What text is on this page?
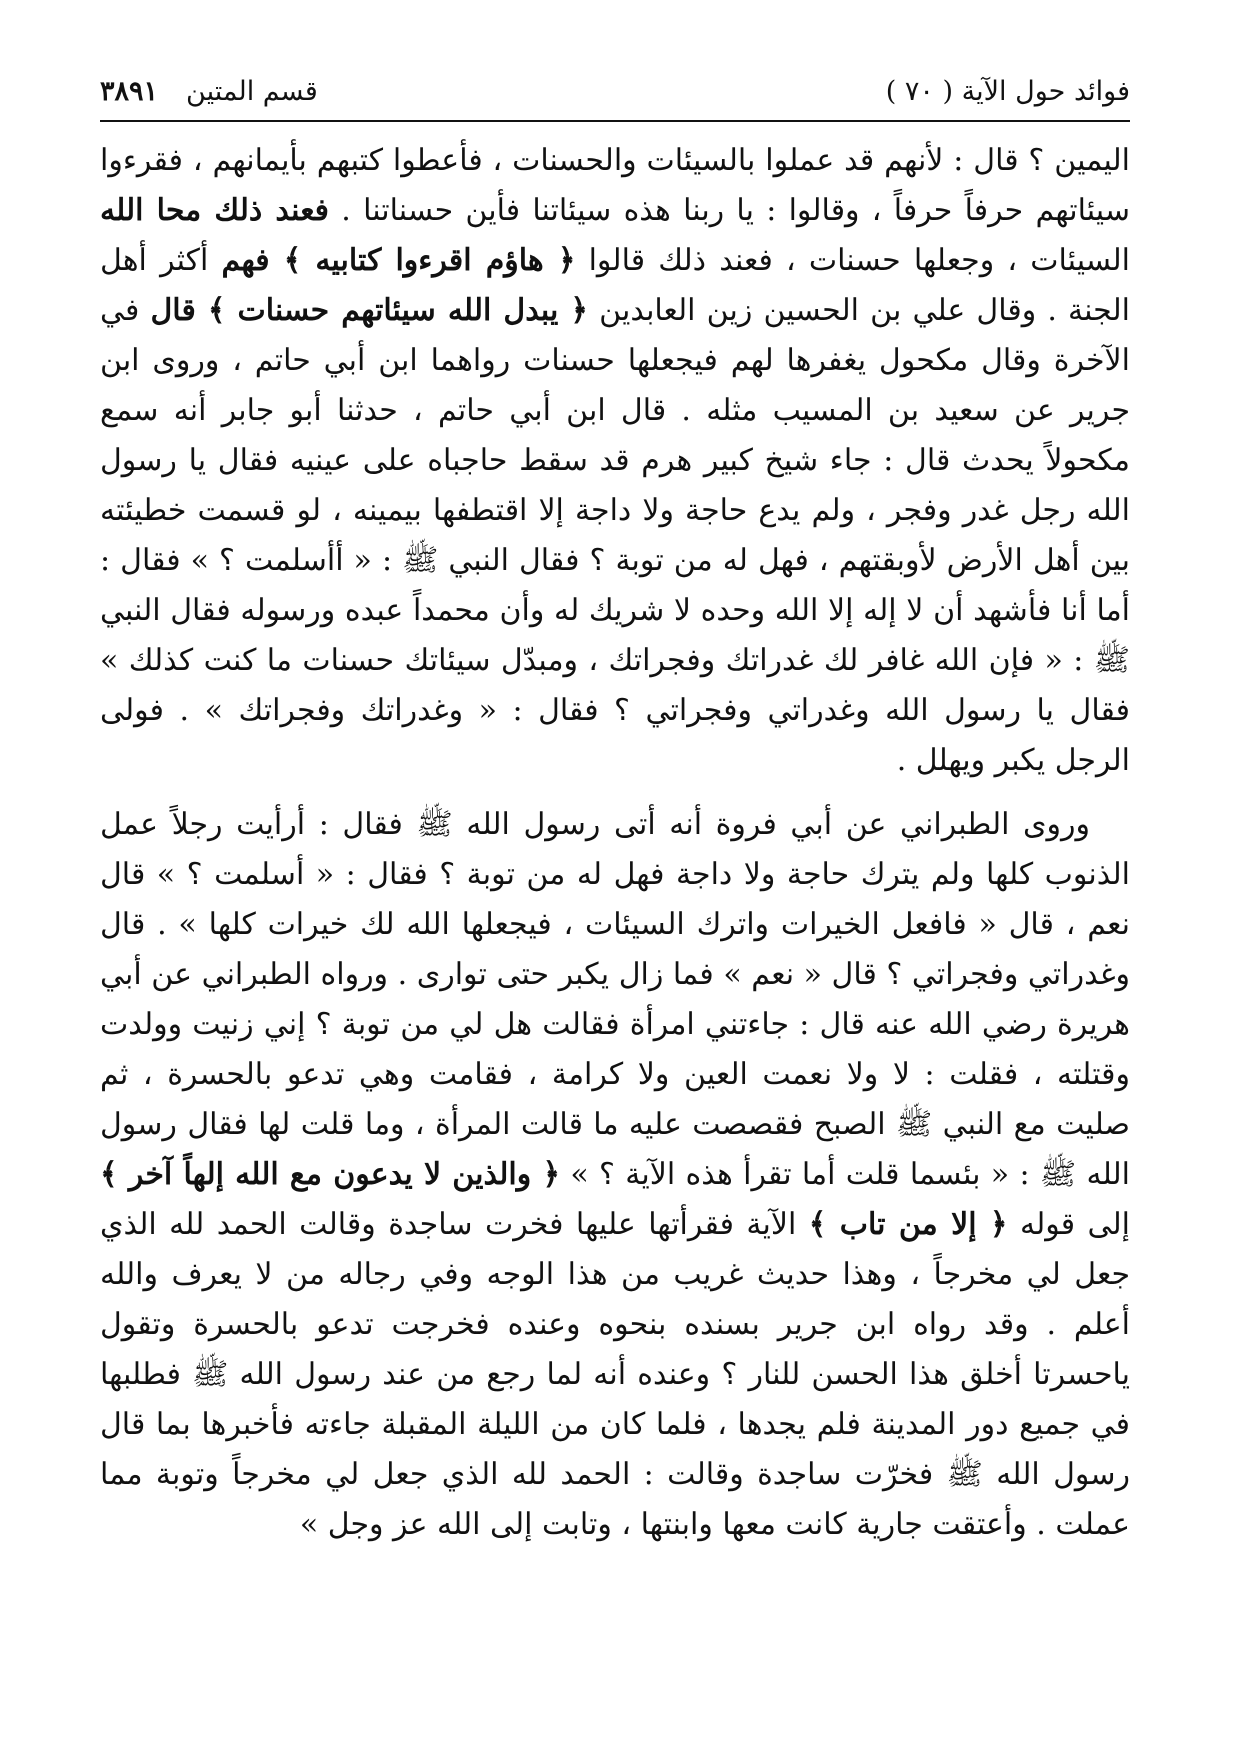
فوائد حول الآية ( ٧٠ )
قسم المتين٣٨٩١

اليمين ؟ قال : لأنهم قد عملوا بالسيئات والحسنات ، فأعطوا كتبهم بأيمانهم ، فقرءوا سيئاتهم حرفاً حرفاً ، وقالوا : يا ربنا هذه سيئاتنا فأين حسناتنا . فعند ذلك محا الله السيئات ، وجعلها حسنات ، فعند ذلك قالوا ﴿ هاؤم اقرءوا كتابيه ﴾ فهم أكثر أهل الجنة . وقال علي بن الحسين زين العابدين ﴿ يبدل الله سيئاتهم حسنات ﴾ قال في الآخرة وقال مكحول يغفرها لهم فيجعلها حسنات رواهما ابن أبي حاتم ، وروى ابن جرير عن سعيد بن المسيب مثله . قال ابن أبي حاتم ، حدثنا أبو جابر أنه سمع مكحولاً يحدث قال : جاء شيخ كبير هرم قد سقط حاجباه على عينيه فقال يا رسول الله رجل غدر وفجر ، ولم يدع حاجة ولا داجة إلا اقتطفها بيمينه ، لو قسمت خطيئته بين أهل الأرض لأوبقتهم ، فهل له من توبة ؟ فقال النبي ﷺ : « أأسلمت ؟ » فقال : أما أنا فأشهد أن لا إله إلا الله وحده لا شريك له وأن محمداً عبده ورسوله فقال النبي ﷺ : « فإن الله غافر لك غدراتك وفجراتك ، ومبدّل سيئاتك حسنات ما كنت كذلك » فقال يا رسول الله وغدراتي وفجراتي ؟ فقال : « وغدراتك وفجراتك » . فولى الرجل يكبر ويهلل .

وروى الطبراني عن أبي فروة أنه أتى رسول الله ﷺ فقال : أرأيت رجلاً عمل الذنوب كلها ولم يترك حاجة ولا داجة فهل له من توبة ؟ فقال : « أسلمت ؟ » قال نعم ، قال « فافعل الخيرات واترك السيئات ، فيجعلها الله لك خيرات كلها » . قال وغدراتي وفجراتي ؟ قال « نعم » فما زال يكبر حتى توارى . ورواه الطبراني عن أبي هريرة رضي الله عنه قال : جاءتني امرأة فقالت هل لي من توبة ؟ إني زنيت وولدت وقتلته ، فقلت : لا ولا نعمت العين ولا كرامة ، فقامت وهي تدعو بالحسرة ، ثم صليت مع النبي ﷺ الصبح فقصصت عليه ما قالت المرأة ، وما قلت لها فقال رسول الله ﷺ : « بئسما قلت أما تقرأ هذه الآية ؟ » ﴿ والذين لا يدعون مع الله إلهاً آخر ﴾ إلى قوله ﴿ إلا من تاب ﴾ الآية فقرأتها عليها فخرت ساجدة وقالت الحمد لله الذي جعل لي مخرجاً ، وهذا حديث غريب من هذا الوجه وفي رجاله من لا يعرف والله أعلم . وقد رواه ابن جرير بسنده بنحوه وعنده فخرجت تدعو بالحسرة وتقول ياحسرتا أخلق هذا الحسن للنار ؟ وعنده أنه لما رجع من عند رسول الله ﷺ فطلبها في جميع دور المدينة فلم يجدها ، فلما كان من الليلة المقبلة جاءته فأخبرها بما قال رسول الله ﷺ فخرّت ساجدة وقالت : الحمد لله الذي جعل لي مخرجاً وتوبة مما عملت . وأعتقت جارية كانت معها وابنتها ، وتابت إلى الله عز وجل »
